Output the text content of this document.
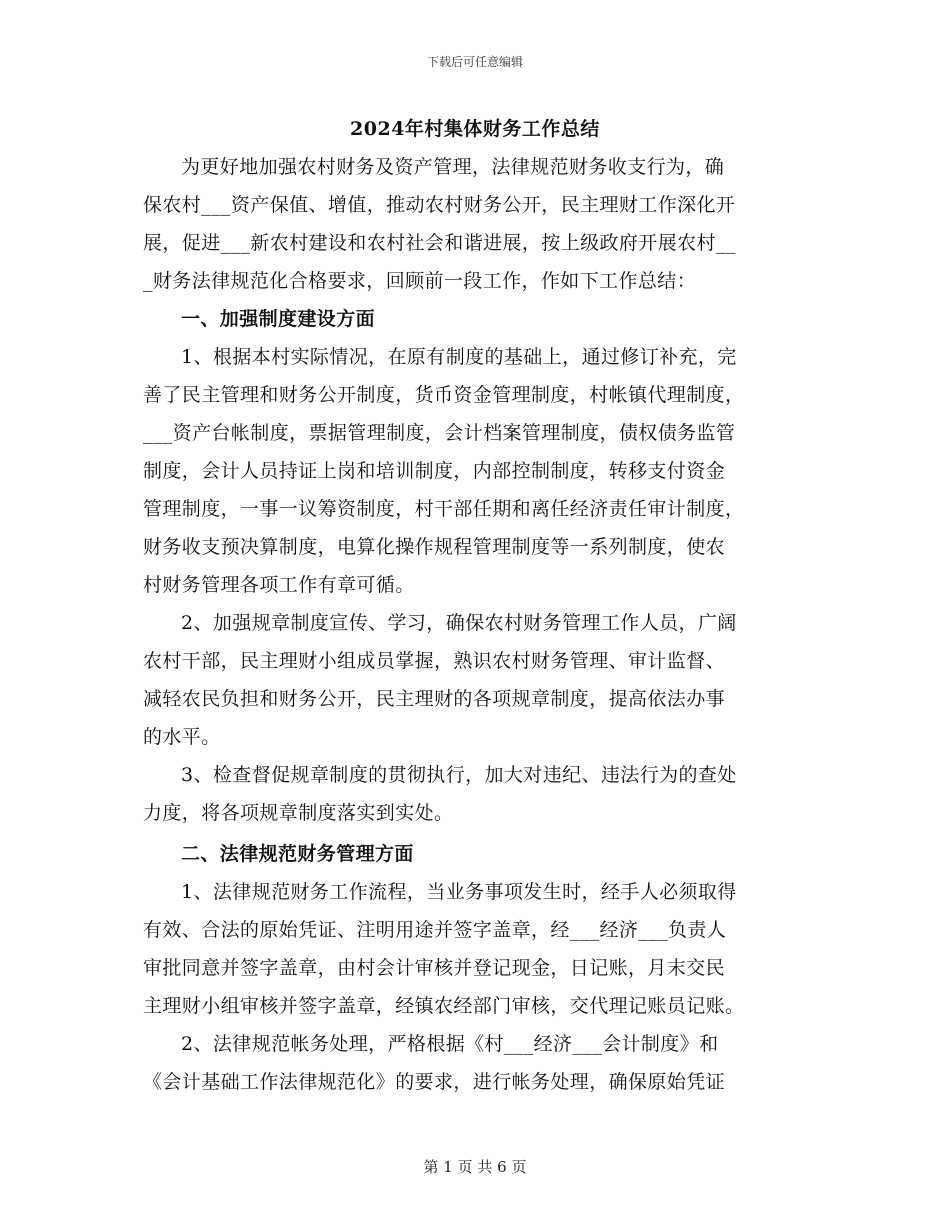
下载后可任意编辑
2024年村集体财务工作总结

为更好地加强农村财务及资产管理，法律规范财务收支行为，确

保农村___资产保值、增值，推动农村财务公开，民主理财工作深化开

展，促进___新农村建设和农村社会和谐进展，按上级政府开展农村__

_财务法律规范化合格要求，回顾前一段工作，作如下工作总结：

一、加强制度建设方面

1、根据本村实际情况，在原有制度的基础上，通过修订补充，完

善了民主管理和财务公开制度，货币资金管理制度，村帐镇代理制度，

___资产台帐制度，票据管理制度，会计档案管理制度，债权债务监管

制度，会计人员持证上岗和培训制度，内部控制制度，转移支付资金

管理制度，一事一议筹资制度，村干部任期和离任经济责任审计制度，

财务收支预决算制度，电算化操作规程管理制度等一系列制度，使农

村财务管理各项工作有章可循。

2、加强规章制度宣传、学习，确保农村财务管理工作人员，广阔

农村干部，民主理财小组成员掌握，熟识农村财务管理、审计监督、

减轻农民负担和财务公开，民主理财的各项规章制度，提高依法办事

的水平。

3、检查督促规章制度的贯彻执行，加大对违纪、违法行为的查处

力度，将各项规章制度落实到实处。

二、法律规范财务管理方面

1、法律规范财务工作流程，当业务事项发生时，经手人必须取得

有效、合法的原始凭证、注明用途并签字盖章，经___经济___负责人

审批同意并签字盖章，由村会计审核并登记现金，日记账，月末交民

主理财小组审核并签字盖章，经镇农经部门审核，交代理记账员记账。

2、法律规范帐务处理，严格根据《村___经济___会计制度》和

《会计基础工作法律规范化》的要求，进行帐务处理，确保原始凭证

第 1 页 共 6 页
